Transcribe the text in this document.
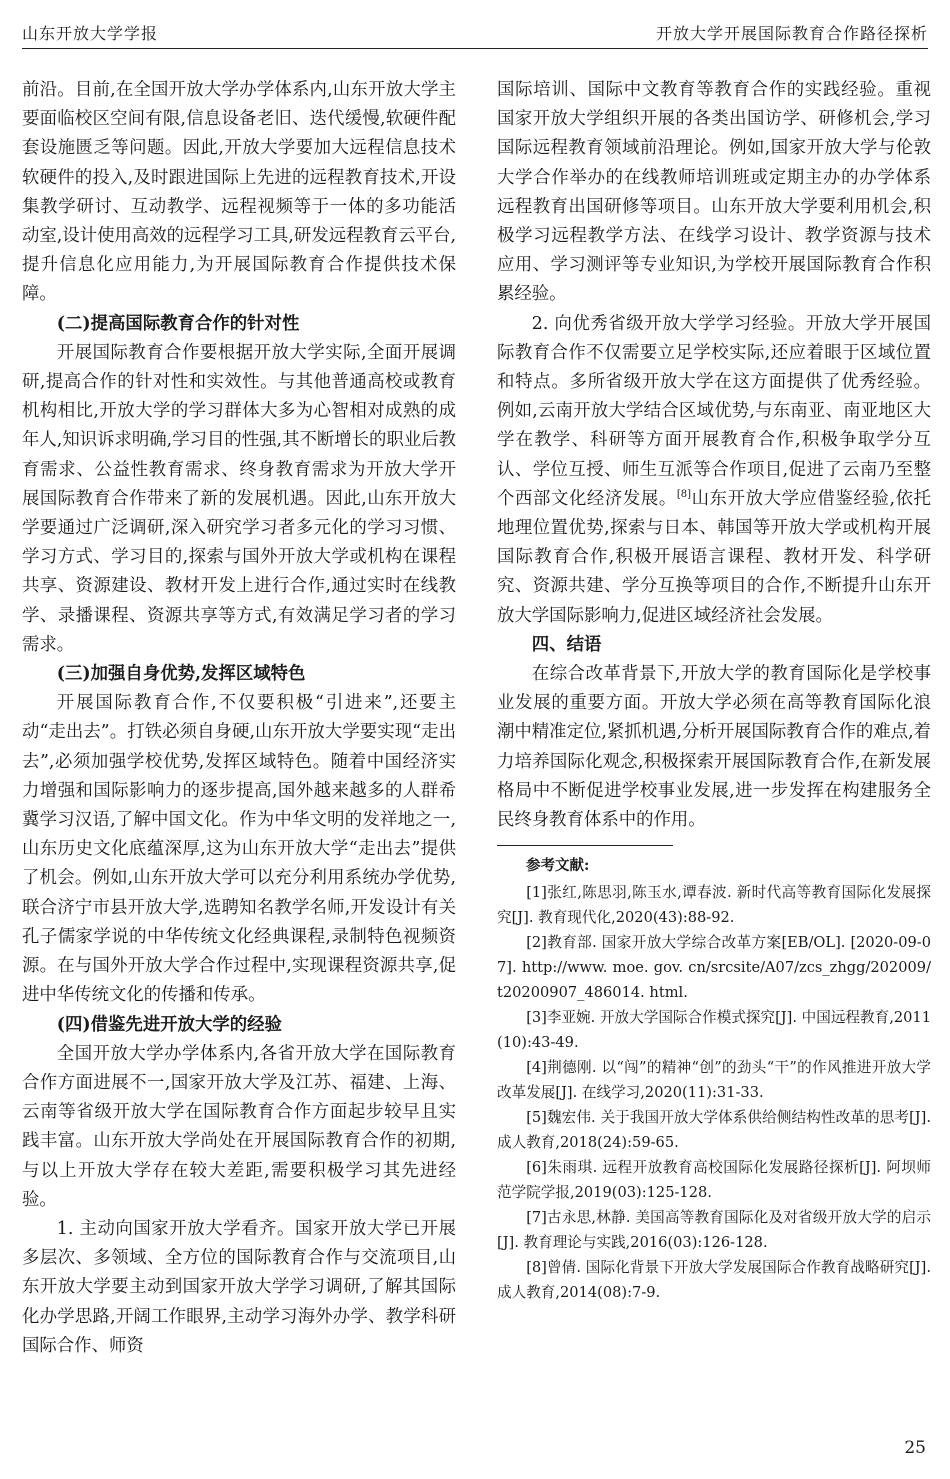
山东开放大学学报	开放大学开展国际教育合作路径探析

前沿。目前,在全国开放大学办学体系内,山东开放大学主要面临校区空间有限,信息设备老旧、迭代缓慢,软硬件配套设施匮乏等问题。因此,开放大学要加大远程信息技术软硬件的投入,及时跟进国际上先进的远程教育技术,开设集教学研讨、互动教学、远程视频等于一体的多功能活动室,设计使用高效的远程学习工具,研发远程教育云平台,提升信息化应用能力,为开展国际教育合作提供技术保障。

(二)提高国际教育合作的针对性

开展国际教育合作要根据开放大学实际,全面开展调研,提高合作的针对性和实效性。与其他普通高校或教育机构相比,开放大学的学习群体大多为心智相对成熟的成年人,知识诉求明确,学习目的性强,其不断增长的职业后教育需求、公益性教育需求、终身教育需求为开放大学开展国际教育合作带来了新的发展机遇。因此,山东开放大学要通过广泛调研,深入研究学习者多元化的学习习惯、学习方式、学习目的,探索与国外开放大学或机构在课程共享、资源建设、教材开发上进行合作,通过实时在线教学、录播课程、资源共享等方式,有效满足学习者的学习需求。

(三)加强自身优势,发挥区域特色

开展国际教育合作,不仅要积极“引进来”,还要主动“走出去”。打铁必须自身硬,山东开放大学要实现“走出去”,必须加强学校优势,发挥区域特色。随着中国经济实力增强和国际影响力的逐步提高,国外越来越多的人群希冀学习汉语,了解中国文化。作为中华文明的发祥地之一,山东历史文化底蕴深厚,这为山东开放大学“走出去”提供了机会。例如,山东开放大学可以充分利用系统办学优势,联合济宁市县开放大学,选聘知名教学名师,开发设计有关孔子儒家学说的中华传统文化经典课程,录制特色视频资源。在与国外开放大学合作过程中,实现课程资源共享,促进中华传统文化的传播和传承。

(四)借鉴先进开放大学的经验

全国开放大学办学体系内,各省开放大学在国际教育合作方面进展不一,国家开放大学及江苏、福建、上海、云南等省级开放大学在国际教育合作方面起步较早且实践丰富。山东开放大学尚处在开展国际教育合作的初期,与以上开放大学存在较大差距,需要积极学习其先进经验。

1. 主动向国家开放大学看齐。国家开放大学已开展多层次、多领域、全方位的国际教育合作与交流项目,山东开放大学要主动到国家开放大学学习调研,了解其国际化办学思路,开阔工作眼界,主动学习海外办学、教学科研国际合作、师资

国际培训、国际中文教育等教育合作的实践经验。重视国家开放大学组织开展的各类出国访学、研修机会,学习国际远程教育领域前沿理论。例如,国家开放大学与伦敦大学合作举办的在线教师培训班或定期主办的办学体系远程教育出国研修等项目。山东开放大学要利用机会,积极学习远程教学方法、在线学习设计、教学资源与技术应用、学习测评等专业知识,为学校开展国际教育合作积累经验。

2. 向优秀省级开放大学学习经验。开放大学开展国际教育合作不仅需要立足学校实际,还应着眼于区域位置和特点。多所省级开放大学在这方面提供了优秀经验。例如,云南开放大学结合区域优势,与东南亚、南亚地区大学在教学、科研等方面开展教育合作,积极争取学分互认、学位互授、师生互派等合作项目,促进了云南乃至整个西部文化经济发展。[8]山东开放大学应借鉴经验,依托地理位置优势,探索与日本、韩国等开放大学或机构开展国际教育合作,积极开展语言课程、教材开发、科学研究、资源共建、学分互换等项目的合作,不断提升山东开放大学国际影响力,促进区域经济社会发展。

四、结语

在综合改革背景下,开放大学的教育国际化是学校事业发展的重要方面。开放大学必须在高等教育国际化浪潮中精准定位,紧抓机遇,分析开展国际教育合作的难点,着力培养国际化观念,积极探索开展国际教育合作,在新发展格局中不断促进学校事业发展,进一步发挥在构建服务全民终身教育体系中的作用。

参考文献:

[1]张红,陈思羽,陈玉水,谭春波. 新时代高等教育国际化发展探究[J]. 教育现代化,2020(43):88-92.

[2]教育部. 国家开放大学综合改革方案[EB/OL]. [2020-09-07]. http://www. moe. gov. cn/srcsite/A07/zcs_zhgg/202009/t20200907_486014. html.

[3]李亚婉. 开放大学国际合作模式探究[J]. 中国远程教育,2011(10):43-49.

[4]荆德刚. 以“闯”的精神“创”的劲头“干”的作风推进开放大学改革发展[J]. 在线学习,2020(11):31-33.

[5]魏宏伟. 关于我国开放大学体系供给侧结构性改革的思考[J]. 成人教育,2018(24):59-65.

[6]朱雨琪. 远程开放教育高校国际化发展路径探析[J]. 阿坝师范学院学报,2019(03):125-128.

[7]古永思,林静. 美国高等教育国际化及对省级开放大学的启示[J]. 教育理论与实践,2016(03):126-128.

[8]曾倩. 国际化背景下开放大学发展国际合作教育战略研究[J]. 成人教育,2014(08):7-9.

25
